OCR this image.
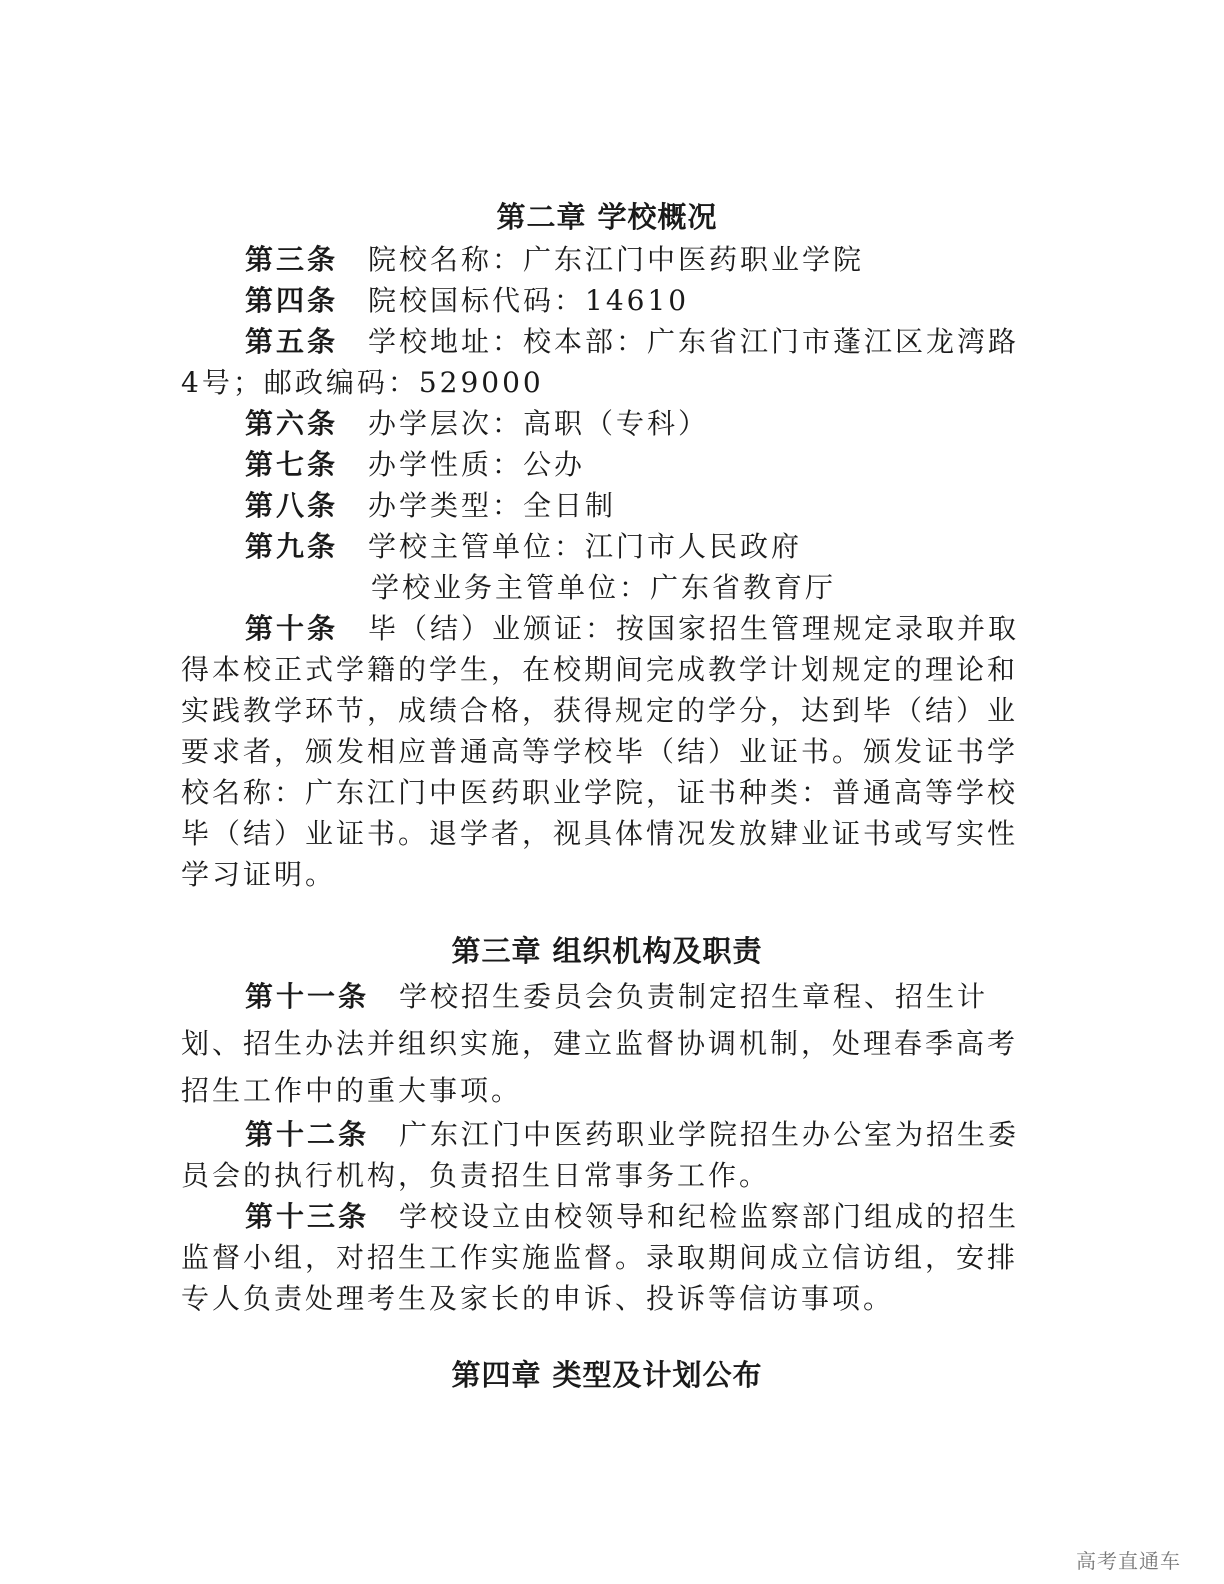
第二章 学校概况

第三条 院校名称：广东江门中医药职业学院

第四条 院校国标代码：14610

第五条 学校地址：校本部：广东省江门市蓬江区龙湾路4号；邮政编码：529000

第六条 办学层次：高职（专科）

第七条 办学性质：公办

第八条 办学类型：全日制

第九条 学校主管单位：江门市人民政府

学校业务主管单位：广东省教育厅

第十条 毕（结）业颁证：按国家招生管理规定录取并取得本校正式学籍的学生，在校期间完成教学计划规定的理论和实践教学环节，成绩合格，获得规定的学分，达到毕（结）业要求者，颁发相应普通高等学校毕（结）业证书。颁发证书学校名称：广东江门中医药职业学院，证书种类：普通高等学校毕（结）业证书。退学者，视具体情况发放肄业证书或写实性学习证明。

第三章 组织机构及职责

第十一条 学校招生委员会负责制定招生章程、招生计划、招生办法并组织实施，建立监督协调机制，处理春季高考招生工作中的重大事项。

第十二条 广东江门中医药职业学院招生办公室为招生委员会的执行机构，负责招生日常事务工作。

第十三条 学校设立由校领导和纪检监察部门组成的招生监督小组，对招生工作实施监督。录取期间成立信访组，安排专人负责处理考生及家长的申诉、投诉等信访事项。

第四章 类型及计划公布
高考直通车
